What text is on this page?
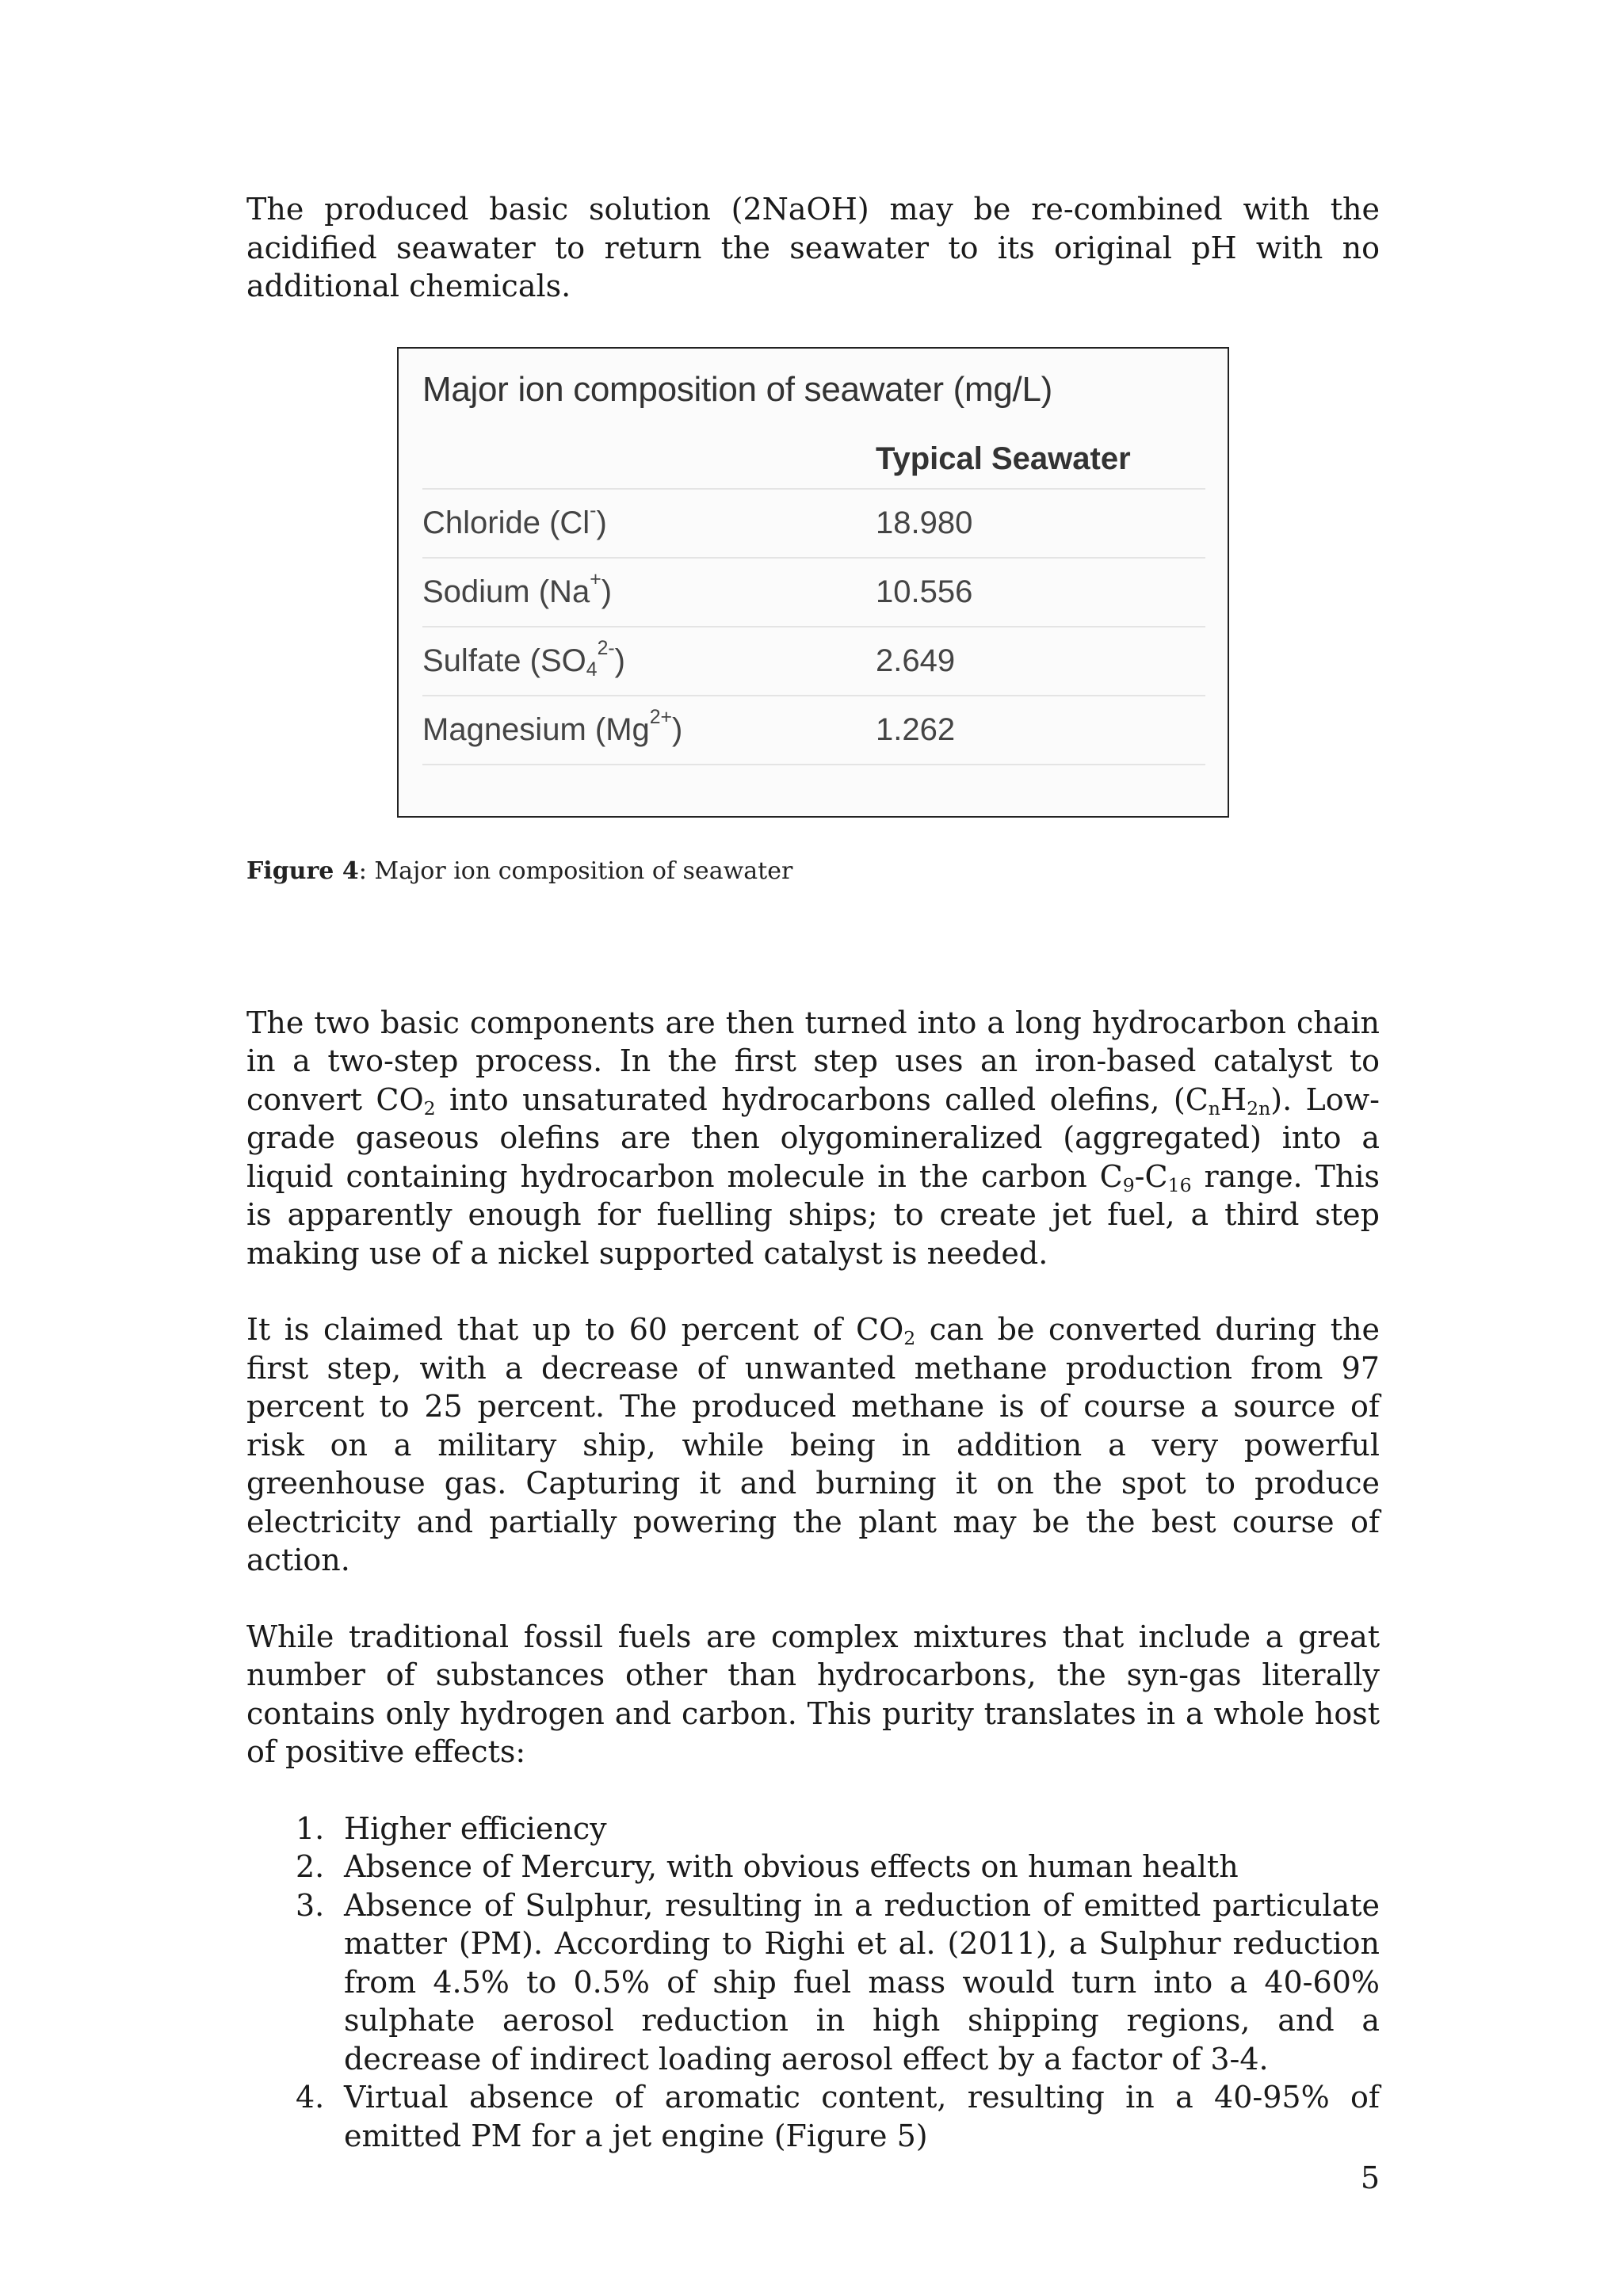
The produced basic solution (2NaOH) may be re-combined with the acidified seawater to return the seawater to its original pH with no additional chemicals.

Major ion composition of seawater (mg/L)
	Typical Seawater
Chloride (Cl-)	18.980
Sodium (Na+)	10.556
Sulfate $(SO_4^{2-})$	2.649
Magnesium $(Mg^{2+})$	1.262
Figure 4: Major ion composition of seawater

The two basic components are then turned into a long hydrocarbon chain in a two-step process. In the first step uses an iron-based catalyst to convert $CO_2$ into unsaturated hydrocarbons called olefins, $(C_nH_{2n})$. Low-grade gaseous olefins are then olygomineralized (aggregated) into a liquid containing hydrocarbon molecule in the carbon $C_9-C_{16}$ range. This is apparently enough for fuelling ships; to create jet fuel, a third step making use of a nickel supported catalyst is needed.

It is claimed that up to 60 percent of $CO_2$ can be converted during the first step, with a decrease of unwanted methane production from 97 percent to 25 percent. The produced methane is of course a source of risk on a military ship, while being in addition a very powerful greenhouse gas. Capturing it and burning it on the spot to produce electricity and partially powering the plant may be the best course of action.

While traditional fossil fuels are complex mixtures that include a great number of substances other than hydrocarbons, the syn-gas literally contains only hydrogen and carbon. This purity translates in a whole host of positive effects:

1. Higher efficiency
2. Absence of Mercury, with obvious effects on human health
3. Absence of Sulphur, resulting in a reduction of emitted particulate matter (PM). According to Righi et al. (2011), a Sulphur reduction from 4.5% to 0.5% of ship fuel mass would turn into a 40-60% sulphate aerosol reduction in high shipping regions, and a decrease of indirect loading aerosol effect by a factor of 3-4.
4. Virtual absence of aromatic content, resulting in a 40-95% of emitted PM for a jet engine (Figure 5)
5
